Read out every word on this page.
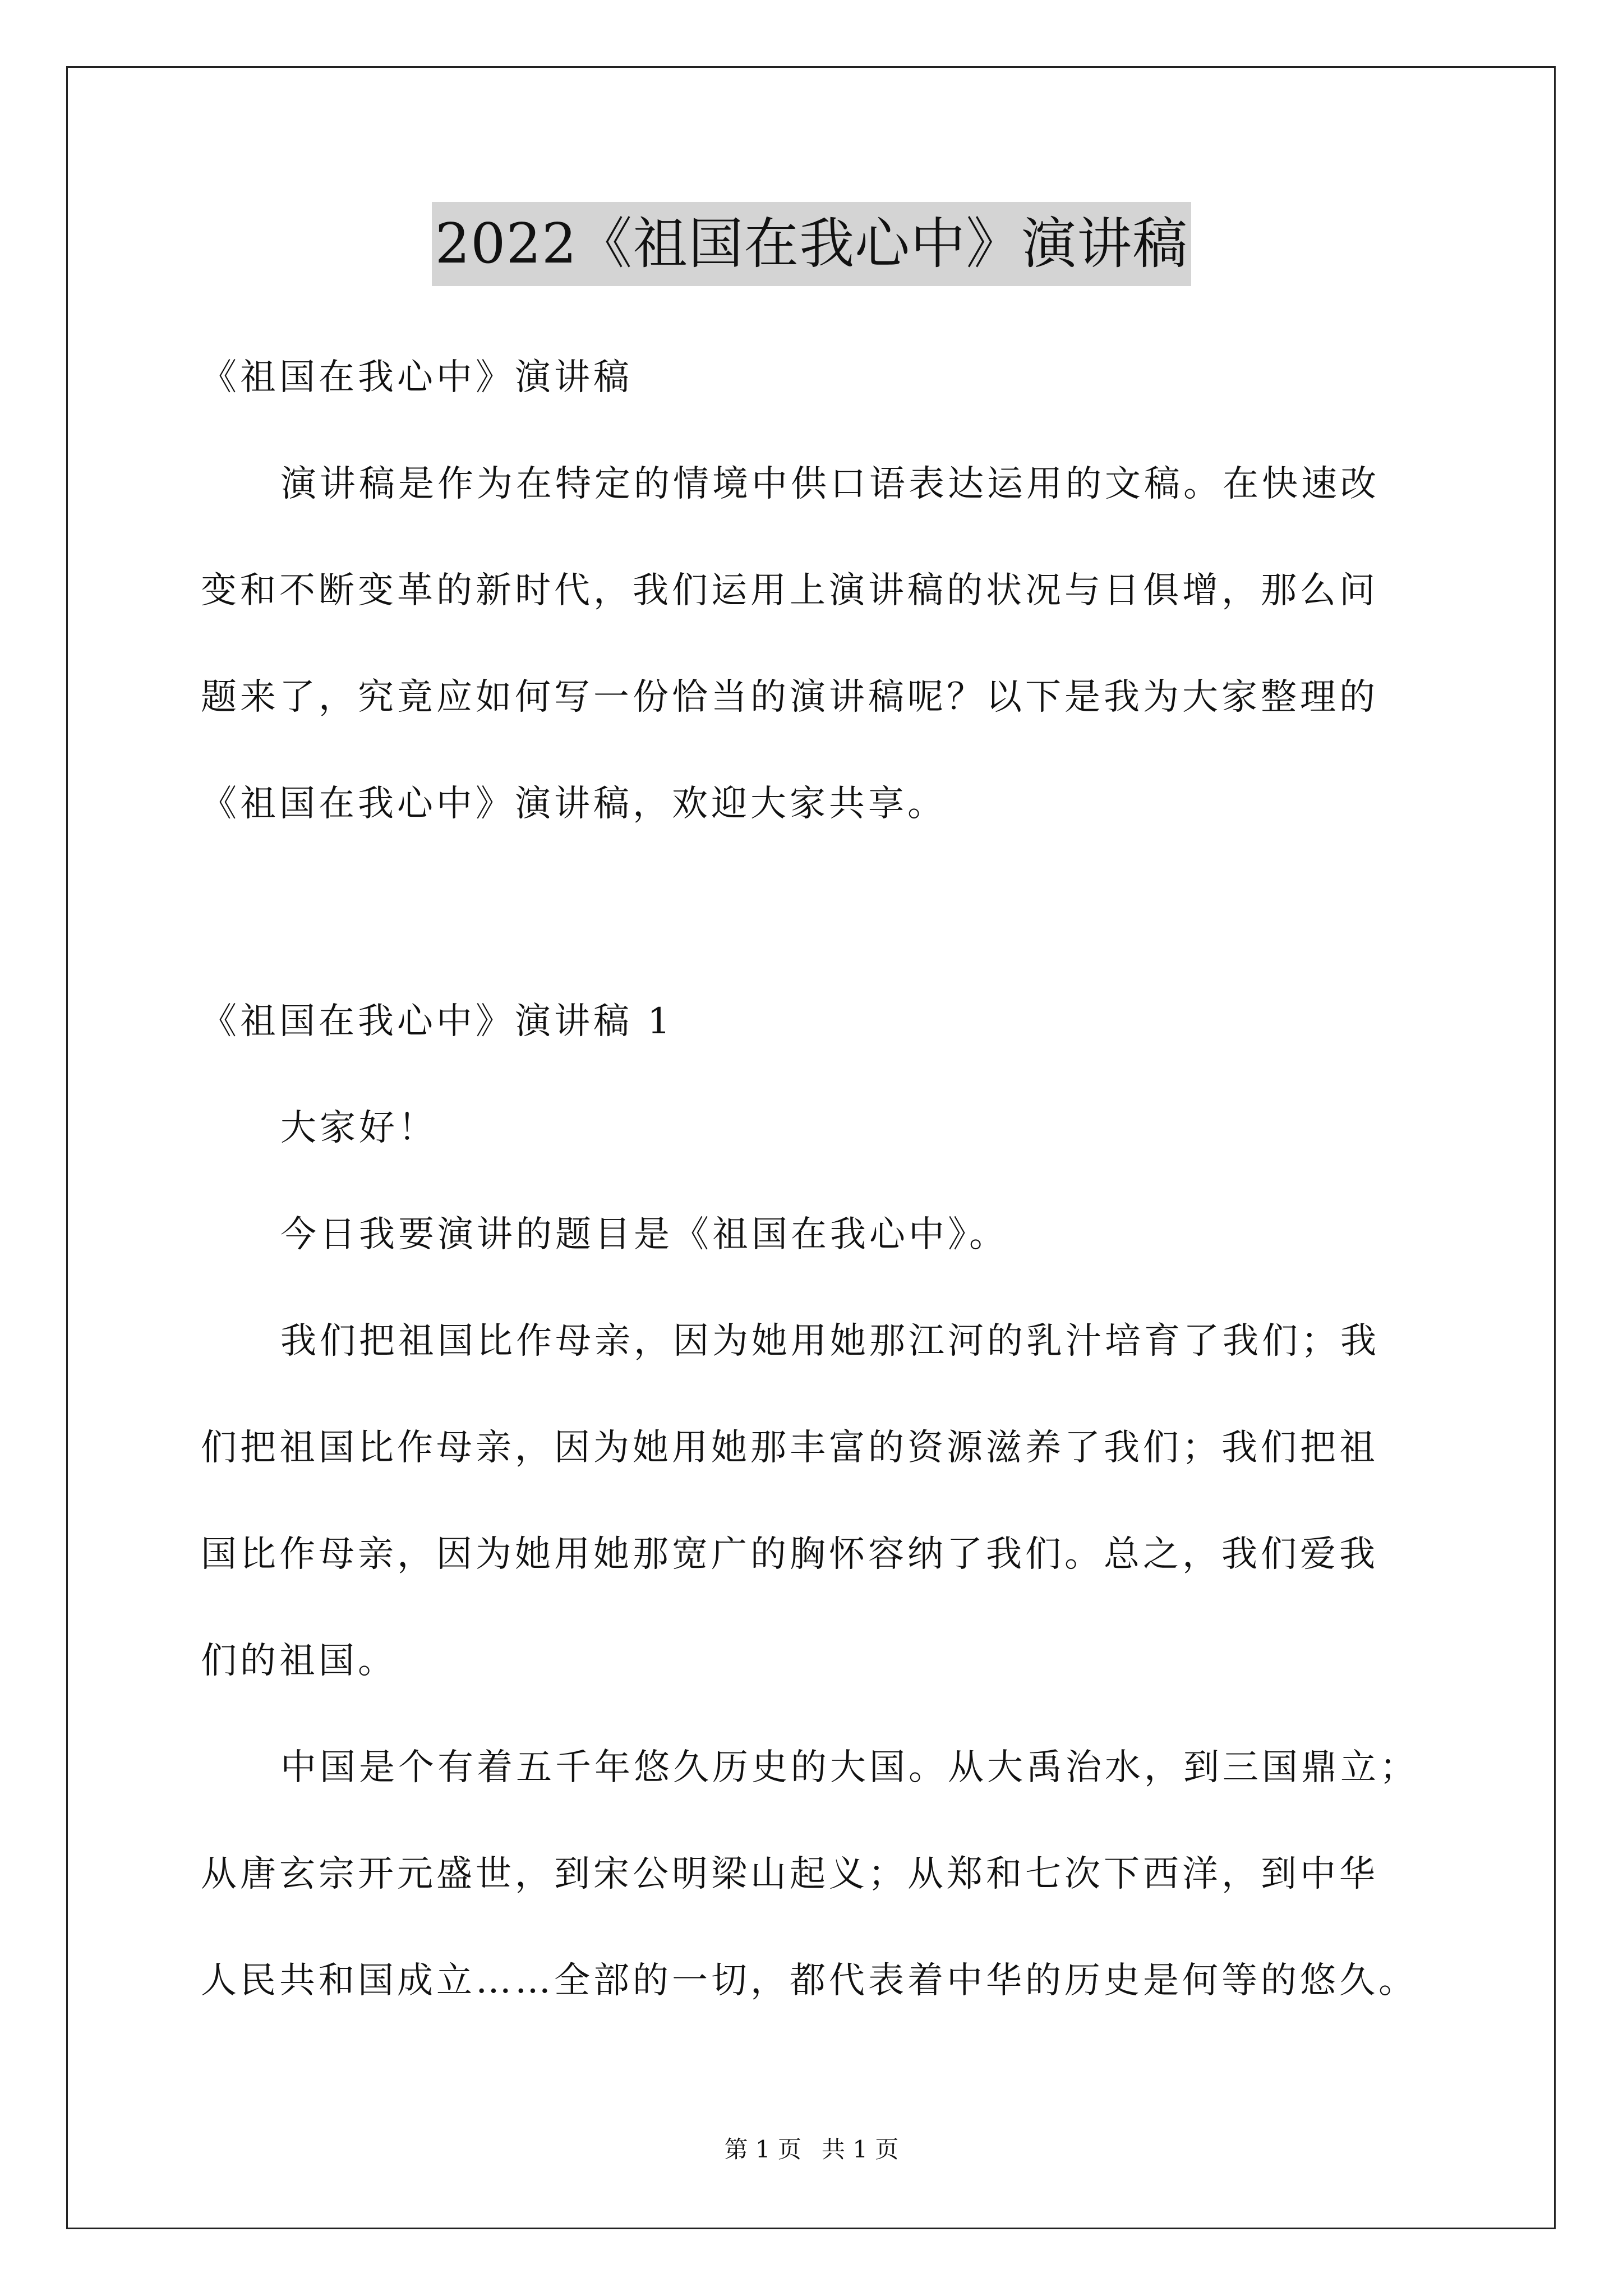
2022《祖国在我心中》演讲稿
《祖国在我心中》演讲稿
演讲稿是作为在特定的情境中供口语表达运用的文稿。在快速改
变和不断变革的新时代，我们运用上演讲稿的状况与日俱增，那么问
题来了，究竟应如何写一份恰当的演讲稿呢？以下是我为大家整理的
《祖国在我心中》演讲稿，欢迎大家共享。
《祖国在我心中》演讲稿 1
大家好！
今日我要演讲的题目是《祖国在我心中》。
我们把祖国比作母亲，因为她用她那江河的乳汁培育了我们；我
们把祖国比作母亲，因为她用她那丰富的资源滋养了我们；我们把祖
国比作母亲，因为她用她那宽广的胸怀容纳了我们。总之，我们爱我
们的祖国。
中国是个有着五千年悠久历史的大国。从大禹治水，到三国鼎立；
从唐玄宗开元盛世，到宋公明梁山起义；从郑和七次下西洋，到中华
人民共和国成立……全部的一切，都代表着中华的历史是何等的悠久。
第 1 页 共 1 页
